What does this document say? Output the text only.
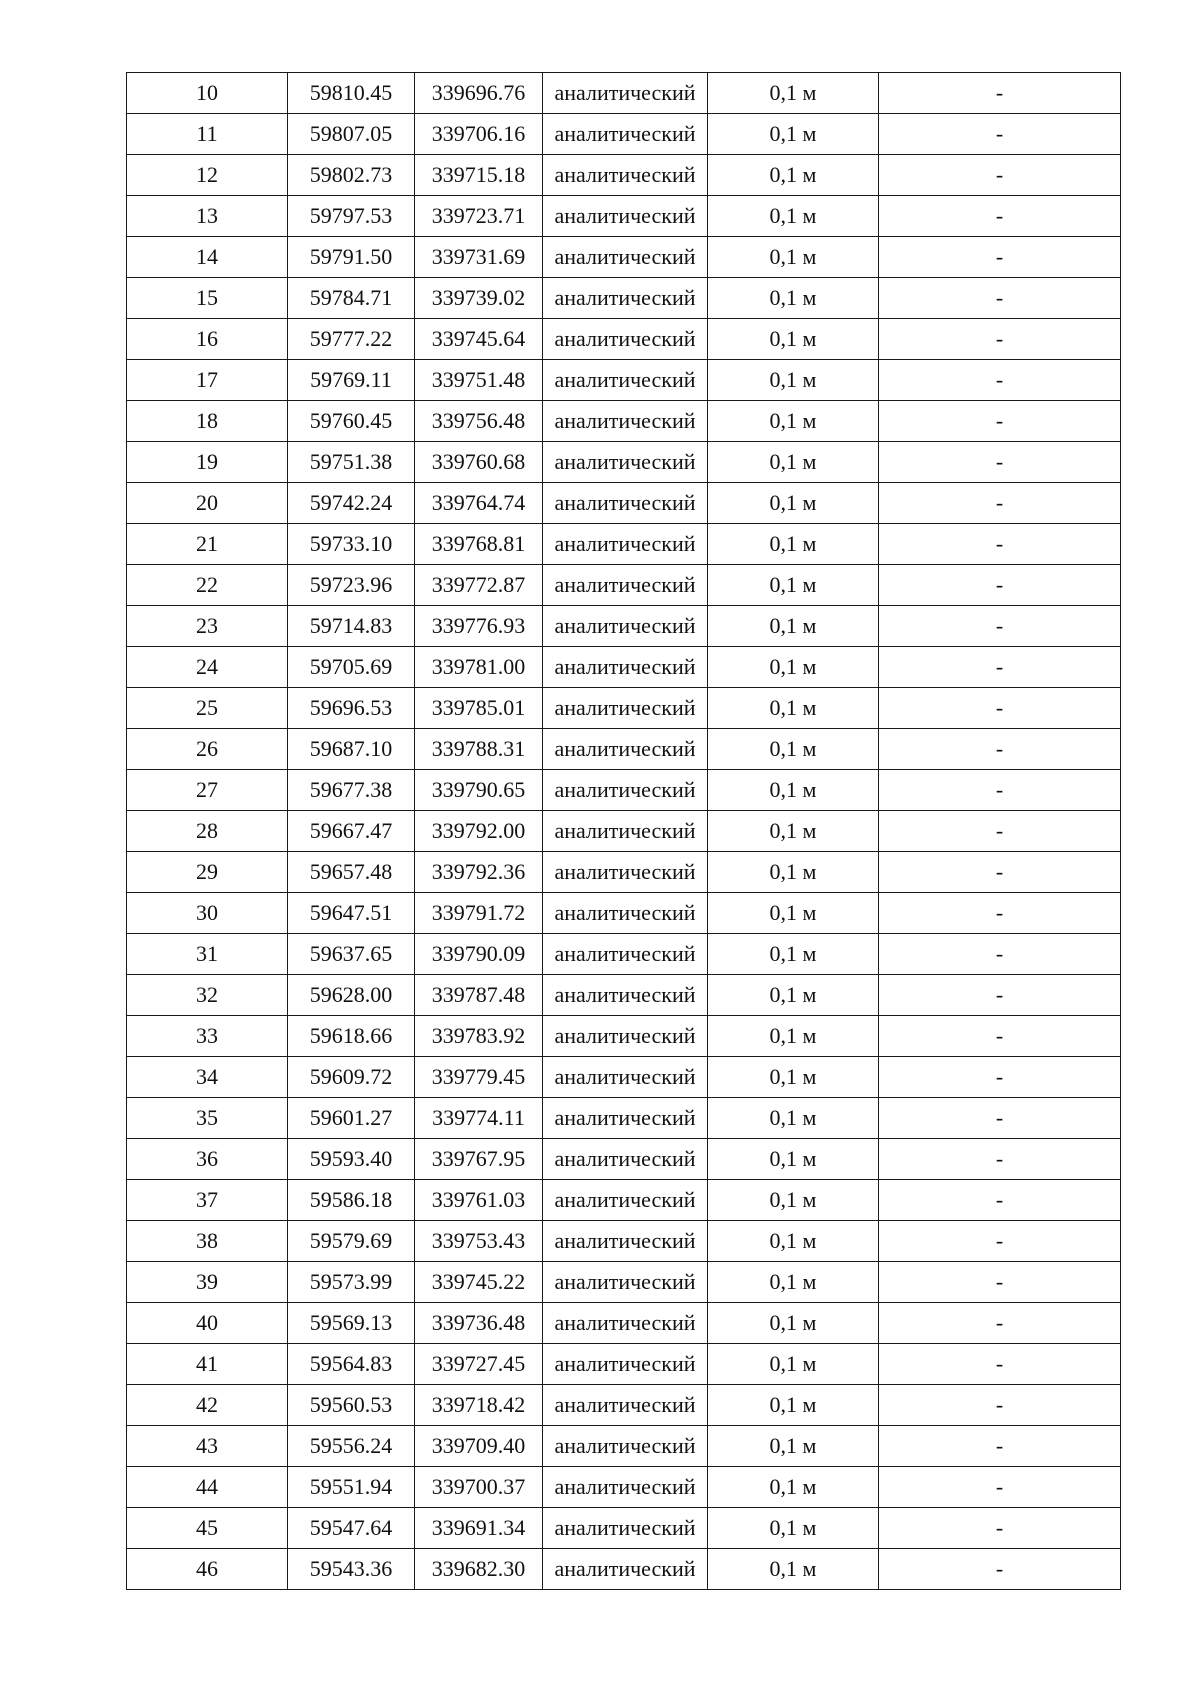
10	59810.45	339696.76	аналитический	0,1 м	-
11	59807.05	339706.16	аналитический	0,1 м	-
12	59802.73	339715.18	аналитический	0,1 м	-
13	59797.53	339723.71	аналитический	0,1 м	-
14	59791.50	339731.69	аналитический	0,1 м	-
15	59784.71	339739.02	аналитический	0,1 м	-
16	59777.22	339745.64	аналитический	0,1 м	-
17	59769.11	339751.48	аналитический	0,1 м	-
18	59760.45	339756.48	аналитический	0,1 м	-
19	59751.38	339760.68	аналитический	0,1 м	-
20	59742.24	339764.74	аналитический	0,1 м	-
21	59733.10	339768.81	аналитический	0,1 м	-
22	59723.96	339772.87	аналитический	0,1 м	-
23	59714.83	339776.93	аналитический	0,1 м	-
24	59705.69	339781.00	аналитический	0,1 м	-
25	59696.53	339785.01	аналитический	0,1 м	-
26	59687.10	339788.31	аналитический	0,1 м	-
27	59677.38	339790.65	аналитический	0,1 м	-
28	59667.47	339792.00	аналитический	0,1 м	-
29	59657.48	339792.36	аналитический	0,1 м	-
30	59647.51	339791.72	аналитический	0,1 м	-
31	59637.65	339790.09	аналитический	0,1 м	-
32	59628.00	339787.48	аналитический	0,1 м	-
33	59618.66	339783.92	аналитический	0,1 м	-
34	59609.72	339779.45	аналитический	0,1 м	-
35	59601.27	339774.11	аналитический	0,1 м	-
36	59593.40	339767.95	аналитический	0,1 м	-
37	59586.18	339761.03	аналитический	0,1 м	-
38	59579.69	339753.43	аналитический	0,1 м	-
39	59573.99	339745.22	аналитический	0,1 м	-
40	59569.13	339736.48	аналитический	0,1 м	-
41	59564.83	339727.45	аналитический	0,1 м	-
42	59560.53	339718.42	аналитический	0,1 м	-
43	59556.24	339709.40	аналитический	0,1 м	-
44	59551.94	339700.37	аналитический	0,1 м	-
45	59547.64	339691.34	аналитический	0,1 м	-
46	59543.36	339682.30	аналитический	0,1 м	-
